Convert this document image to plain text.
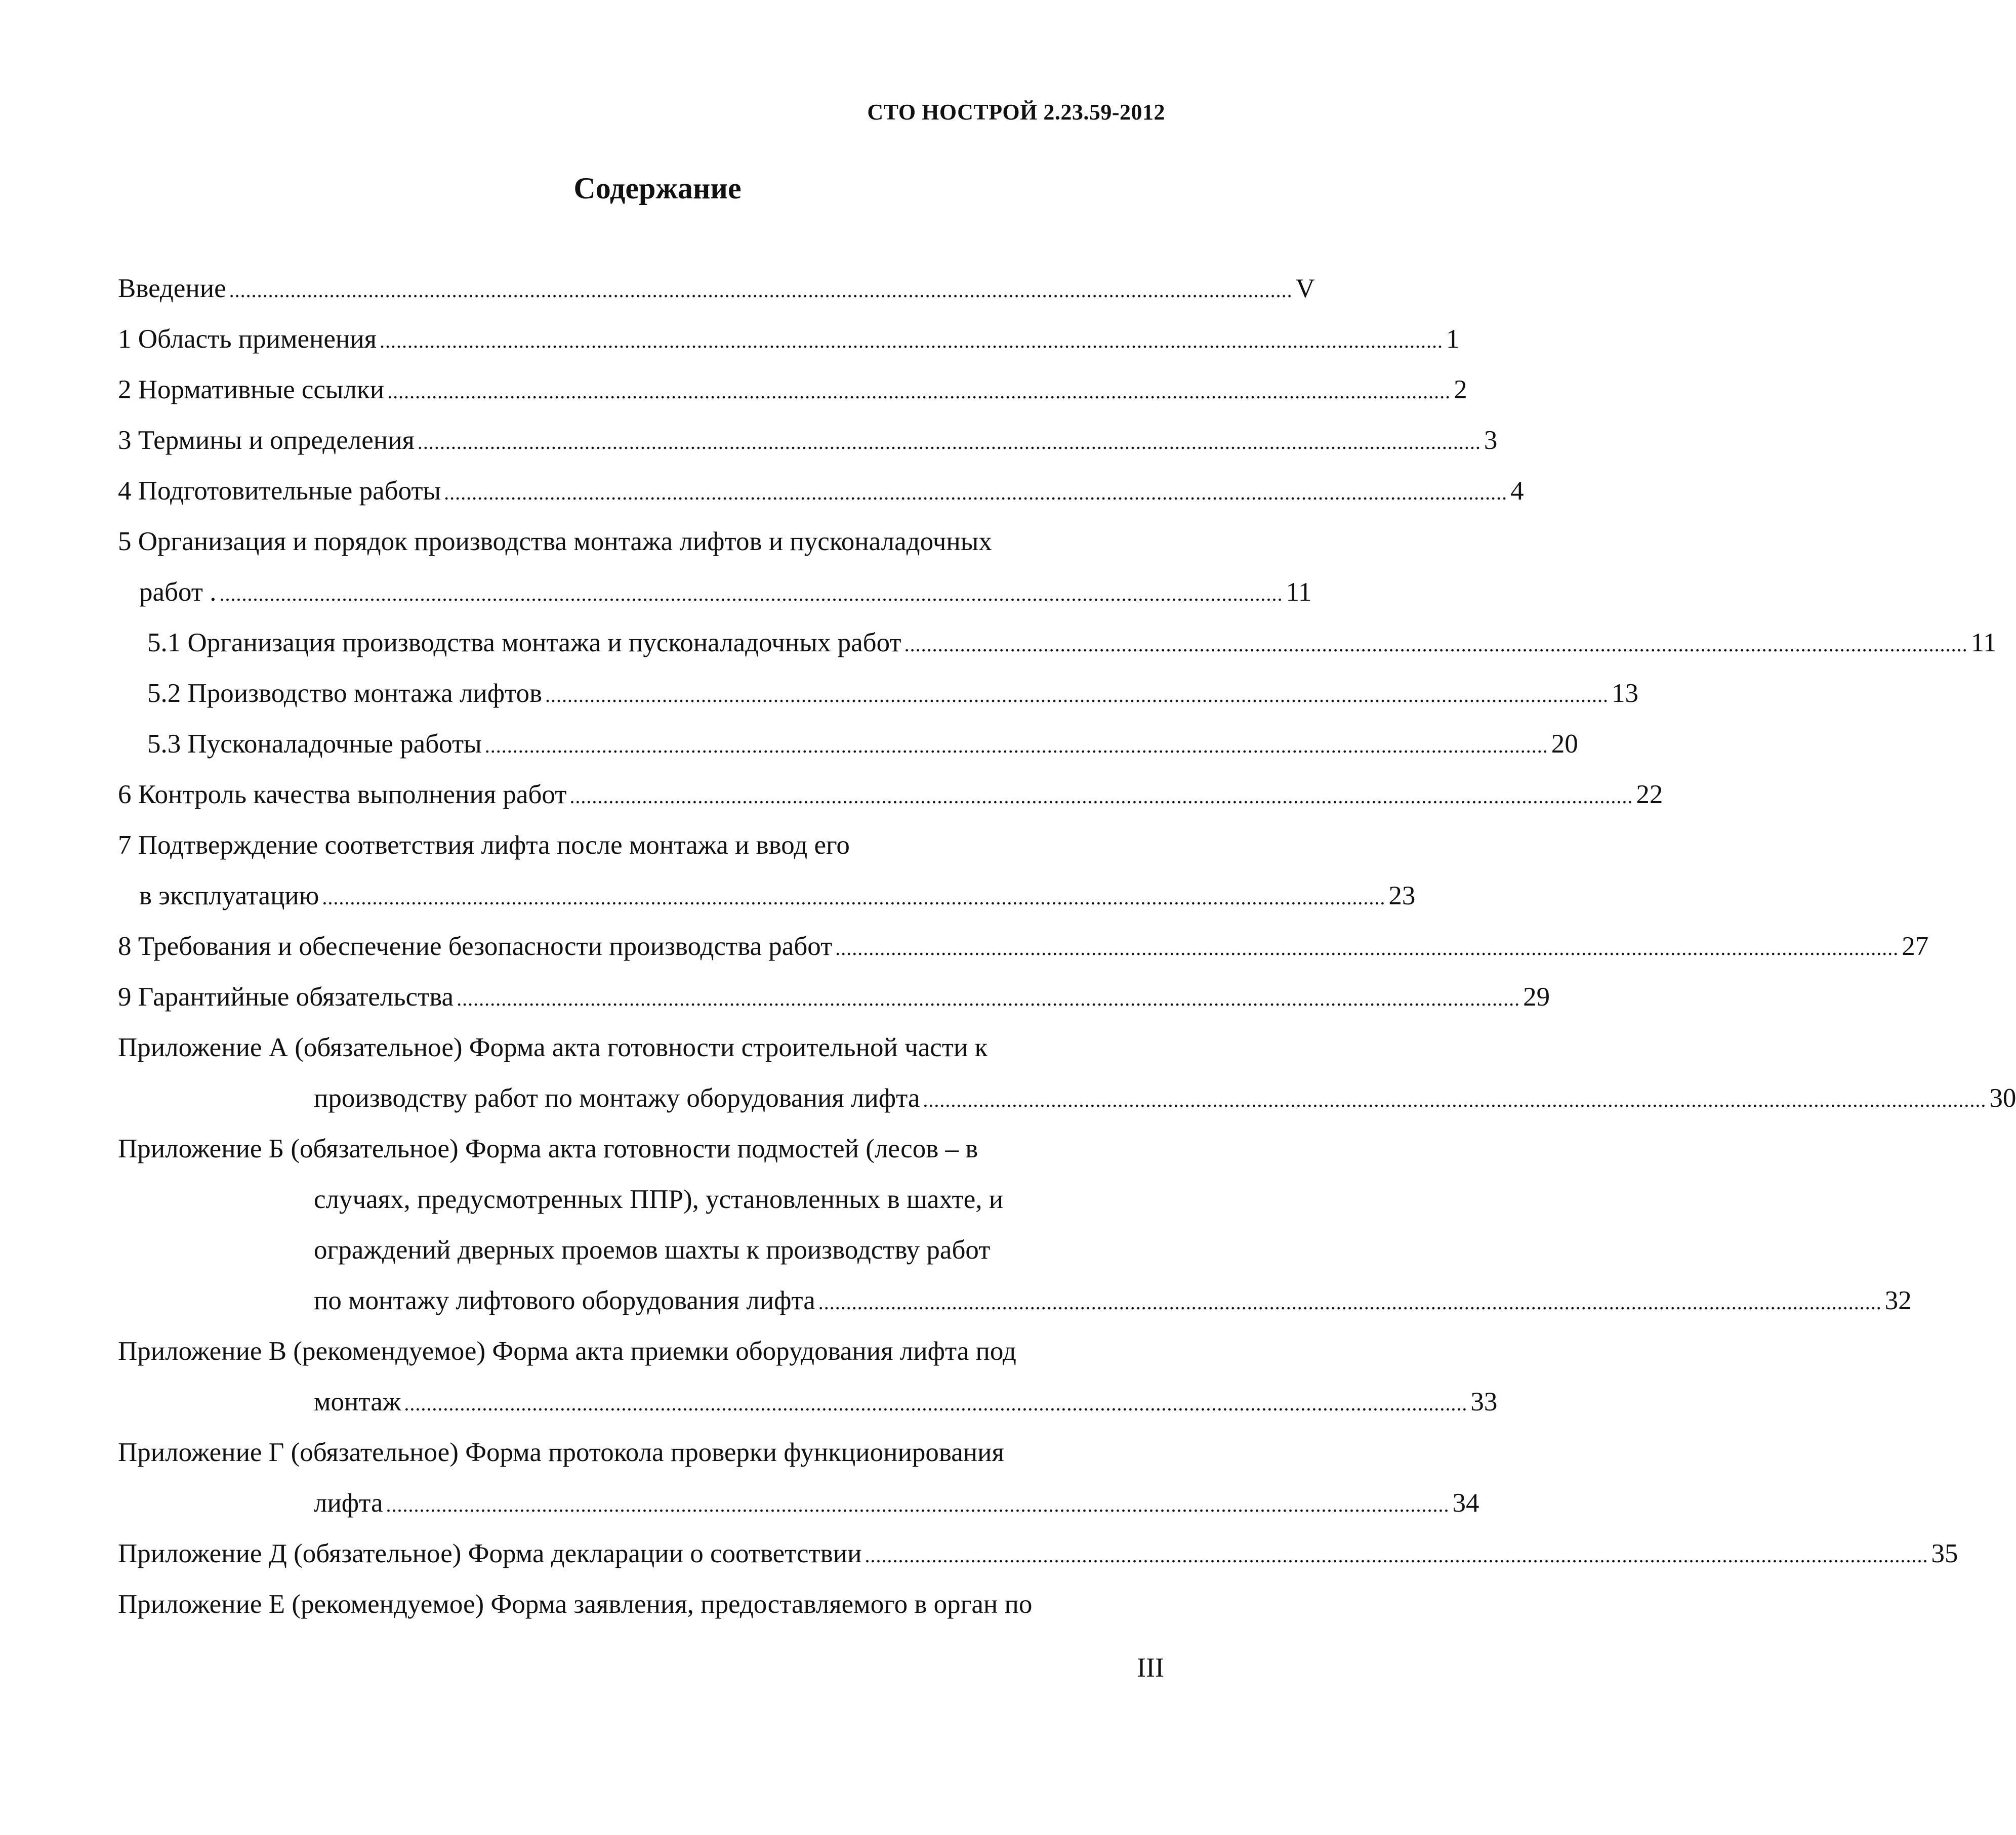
СТО НОСТРОЙ 2.23.59-2012
Содержание
Введение ............................................................................................................................................................................................... V
1 Область применения ............................................................................................................................................................................................... 1
2 Нормативные ссылки ............................................................................................................................................................................................... 2
3 Термины и определения ............................................................................................................................................................................................... 3
4 Подготовительные работы ............................................................................................................................................................................................... 4
5 Организация и порядок производства монтажа лифтов и пусконаладочных
работ . ............................................................................................................................................................................................... 11
5.1 Организация производства монтажа и пусконаладочных работ ............................................................................................................................................................................................... 11
5.2 Производство монтажа лифтов ............................................................................................................................................................................................... 13
5.3 Пусконаладочные работы ............................................................................................................................................................................................... 20
6 Контроль качества выполнения работ ............................................................................................................................................................................................... 22
7 Подтверждение соответствия лифта после монтажа и ввод его
в эксплуатацию ............................................................................................................................................................................................... 23
8 Требования и обеспечение безопасности производства работ ............................................................................................................................................................................................... 27
9 Гарантийные обязательства ............................................................................................................................................................................................... 29
Приложение А (обязательное) Форма акта готовности строительной части к
производству работ по монтажу оборудования лифта ............................................................................................................................................................................................... 30
Приложение Б (обязательное) Форма акта готовности подмостей (лесов – в
случаях, предусмотренных ППР), установленных в шахте, и
ограждений дверных проемов шахты к производству работ
по монтажу лифтового оборудования лифта ............................................................................................................................................................................................... 32
Приложение В (рекомендуемое) Форма акта приемки оборудования лифта под
монтаж ............................................................................................................................................................................................... 33
Приложение Г (обязательное) Форма протокола проверки функционирования
лифта ............................................................................................................................................................................................... 34
Приложение Д (обязательное) Форма декларации о соответствии ............................................................................................................................................................................................... 35
Приложение Е (рекомендуемое) Форма заявления, предоставляемого в орган по
III
